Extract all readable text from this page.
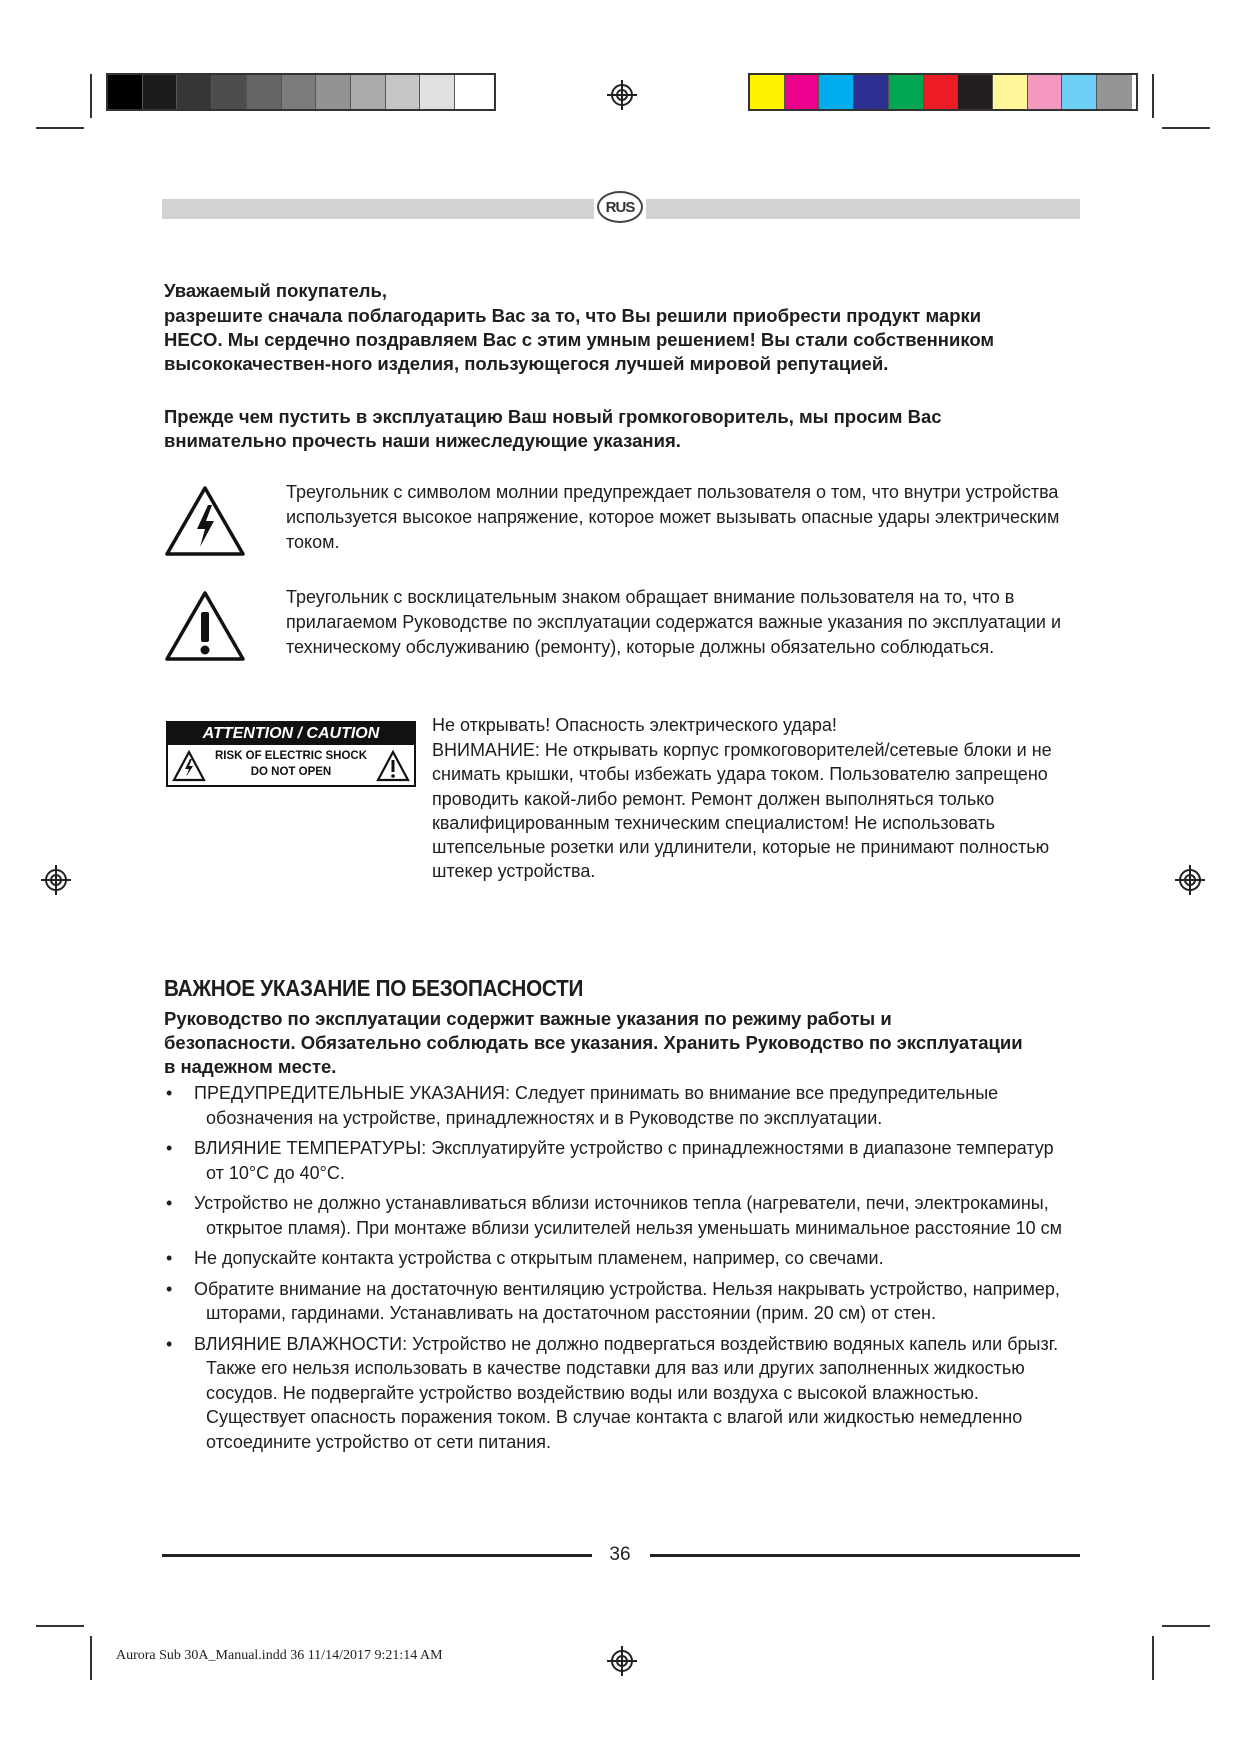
RUS
Уважаемый покупатель,
разрешите сначала поблагодарить Вас за то, что Вы решили приобрести продукт марки HECO. Мы сердечно поздравляем Вас с этим умным решением! Вы стали собственником высококачествен-ного изделия, пользующегося лучшей мировой репутацией.
Прежде чем пустить в эксплуатацию Ваш новый громкоговоритель, мы просим Вас внимательно прочесть наши нижеследующие указания.
Треугольник с символом молнии предупреждает пользователя о том, что внутри устройства используется высокое напряжение, которое может вызывать опасные удары электрическим током.
Треугольник с восклицательным знаком обращает внимание пользователя на то, что в прилагаемом Руководстве по эксплуатации содержатся важные указания по эксплуатации и техническому обслуживанию (ремонту), которые должны обязательно соблюдаться.
ATTENTION / CAUTION
RISK OF ELECTRIC SHOCK
DO NOT OPEN
Не открывать! Опасность электрического удара!
ВНИМАНИЕ: Не открывать корпус громкоговорителей/сетевые блоки и не снимать крышки, чтобы избежать удара током. Пользователю запрещено проводить какой-либо ремонт. Ремонт должен выполняться только квалифицированным техническим специалистом! Не использовать штепсельные розетки или удлинители, которые не принимают полностью штекер устройства.
ВАЖНОЕ УКАЗАНИЕ ПО БЕЗОПАСНОСТИ
Руководство по эксплуатации содержит важные указания по режиму работы и безопасности. Обязательно соблюдать все указания. Хранить Руководство по эксплуатации в надежном месте.
• ПРЕДУПРЕДИТЕЛЬНЫЕ УКАЗАНИЯ: Следует принимать во внимание все предупредительные обозначения на устройстве, принадлежностях и в Руководстве по эксплуатации.
• ВЛИЯНИЕ ТЕМПЕРАТУРЫ: Эксплуатируйте устройство с принадлежностями в диапазоне температур от 10°C до 40°C.
• Устройство не должно устанавливаться вблизи источников тепла (нагреватели, печи, электрокамины, открытое пламя). При монтаже вблизи усилителей нельзя уменьшать минимальное расстояние 10 см
• Не допускайте контакта устройства с открытым пламенем, например, со свечами.
• Обратите внимание на достаточную вентиляцию устройства. Нельзя накрывать устройство, например, шторами, гардинами. Устанавливать на достаточном расстоянии (прим. 20 см) от стен.
• ВЛИЯНИЕ ВЛАЖНОСТИ: Устройство не должно подвергаться воздействию водяных капель или брызг. Также его нельзя использовать в качестве подставки для ваз или других заполненных жидкостью сосудов. Не подвергайте устройство воздействию воды или воздуха с высокой влажностью. Существует опасность поражения током. В случае контакта с влагой или жидкостью немедленно отсоедините устройство от сети питания.
36
Aurora Sub 30A_Manual.indd 36 11/14/2017 9:21:14 AM
